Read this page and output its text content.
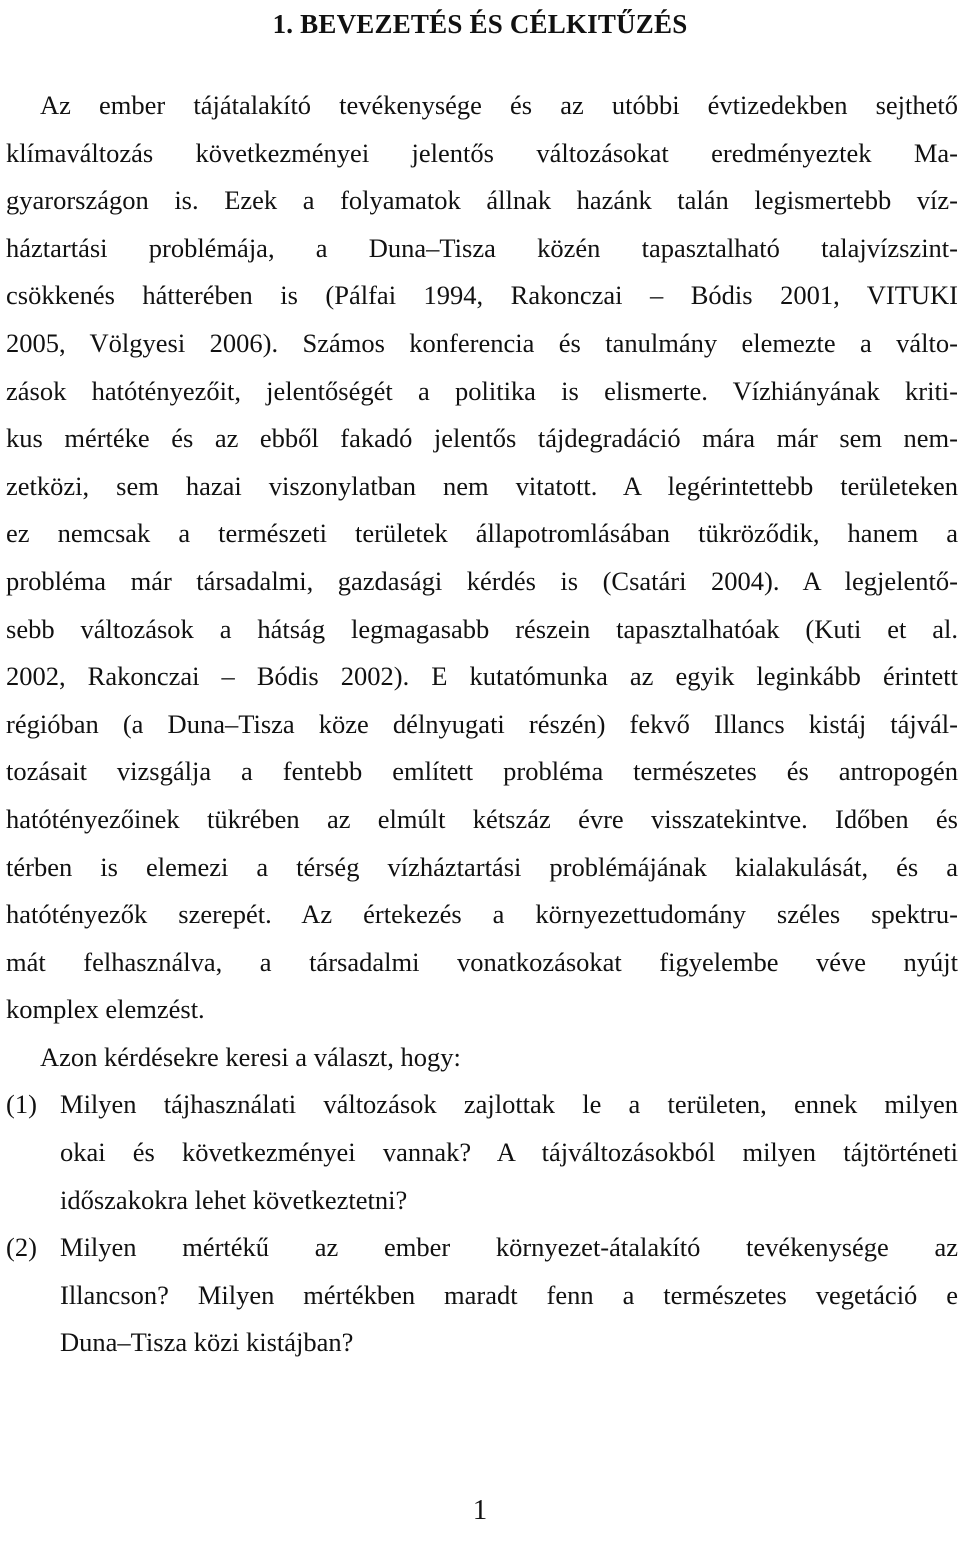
1. BEVEZETÉS ÉS CÉLKITŰZÉS
Az ember tájátalakító tevékenysége és az utóbbi évtizedekben sejthető
klímaváltozás következményei jelentős változásokat eredményeztek Ma-
gyarországon is. Ezek a folyamatok állnak hazánk talán legismertebb víz-
háztartási problémája, a Duna–Tisza közén tapasztalható talajvízszint-
csökkenés hátterében is (Pálfai 1994, Rakonczai – Bódis 2001, VITUKI
2005, Völgyesi 2006). Számos konferencia és tanulmány elemezte a válto-
zások hatótényezőit, jelentőségét a politika is elismerte. Vízhiányának kriti-
kus mértéke és az ebből fakadó jelentős tájdegradáció mára már sem nem-
zetközi, sem hazai viszonylatban nem vitatott. A legérintettebb területeken
ez nemcsak a természeti területek állapotromlásában tükröződik, hanem a
probléma már társadalmi, gazdasági kérdés is (Csatári 2004). A legjelentő-
sebb változások a hátság legmagasabb részein tapasztalhatóak (Kuti et al.
2002, Rakonczai – Bódis 2002). E kutatómunka az egyik leginkább érintett
régióban (a Duna–Tisza köze délnyugati részén) fekvő Illancs kistáj tájvál-
tozásait vizsgálja a fentebb említett probléma természetes és antropogén
hatótényezőinek tükrében az elmúlt kétszáz évre visszatekintve. Időben és
térben is elemezi a térség vízháztartási problémájának kialakulását, és a
hatótényezők szerepét. Az értekezés a környezettudomány széles spektru-
mát felhasználva, a társadalmi vonatkozásokat figyelembe véve nyújt
komplex elemzést.
Azon kérdésekre keresi a választ, hogy:
(1) Milyen tájhasználati változások zajlottak le a területen, ennek milyen
okai és következményei vannak? A tájváltozásokból milyen tájtörténeti
időszakokra lehet következtetni?
(2) Milyen mértékű az ember környezet-átalakító tevékenysége az
Illancson? Milyen mértékben maradt fenn a természetes vegetáció e
Duna–Tisza közi kistájban?
1
